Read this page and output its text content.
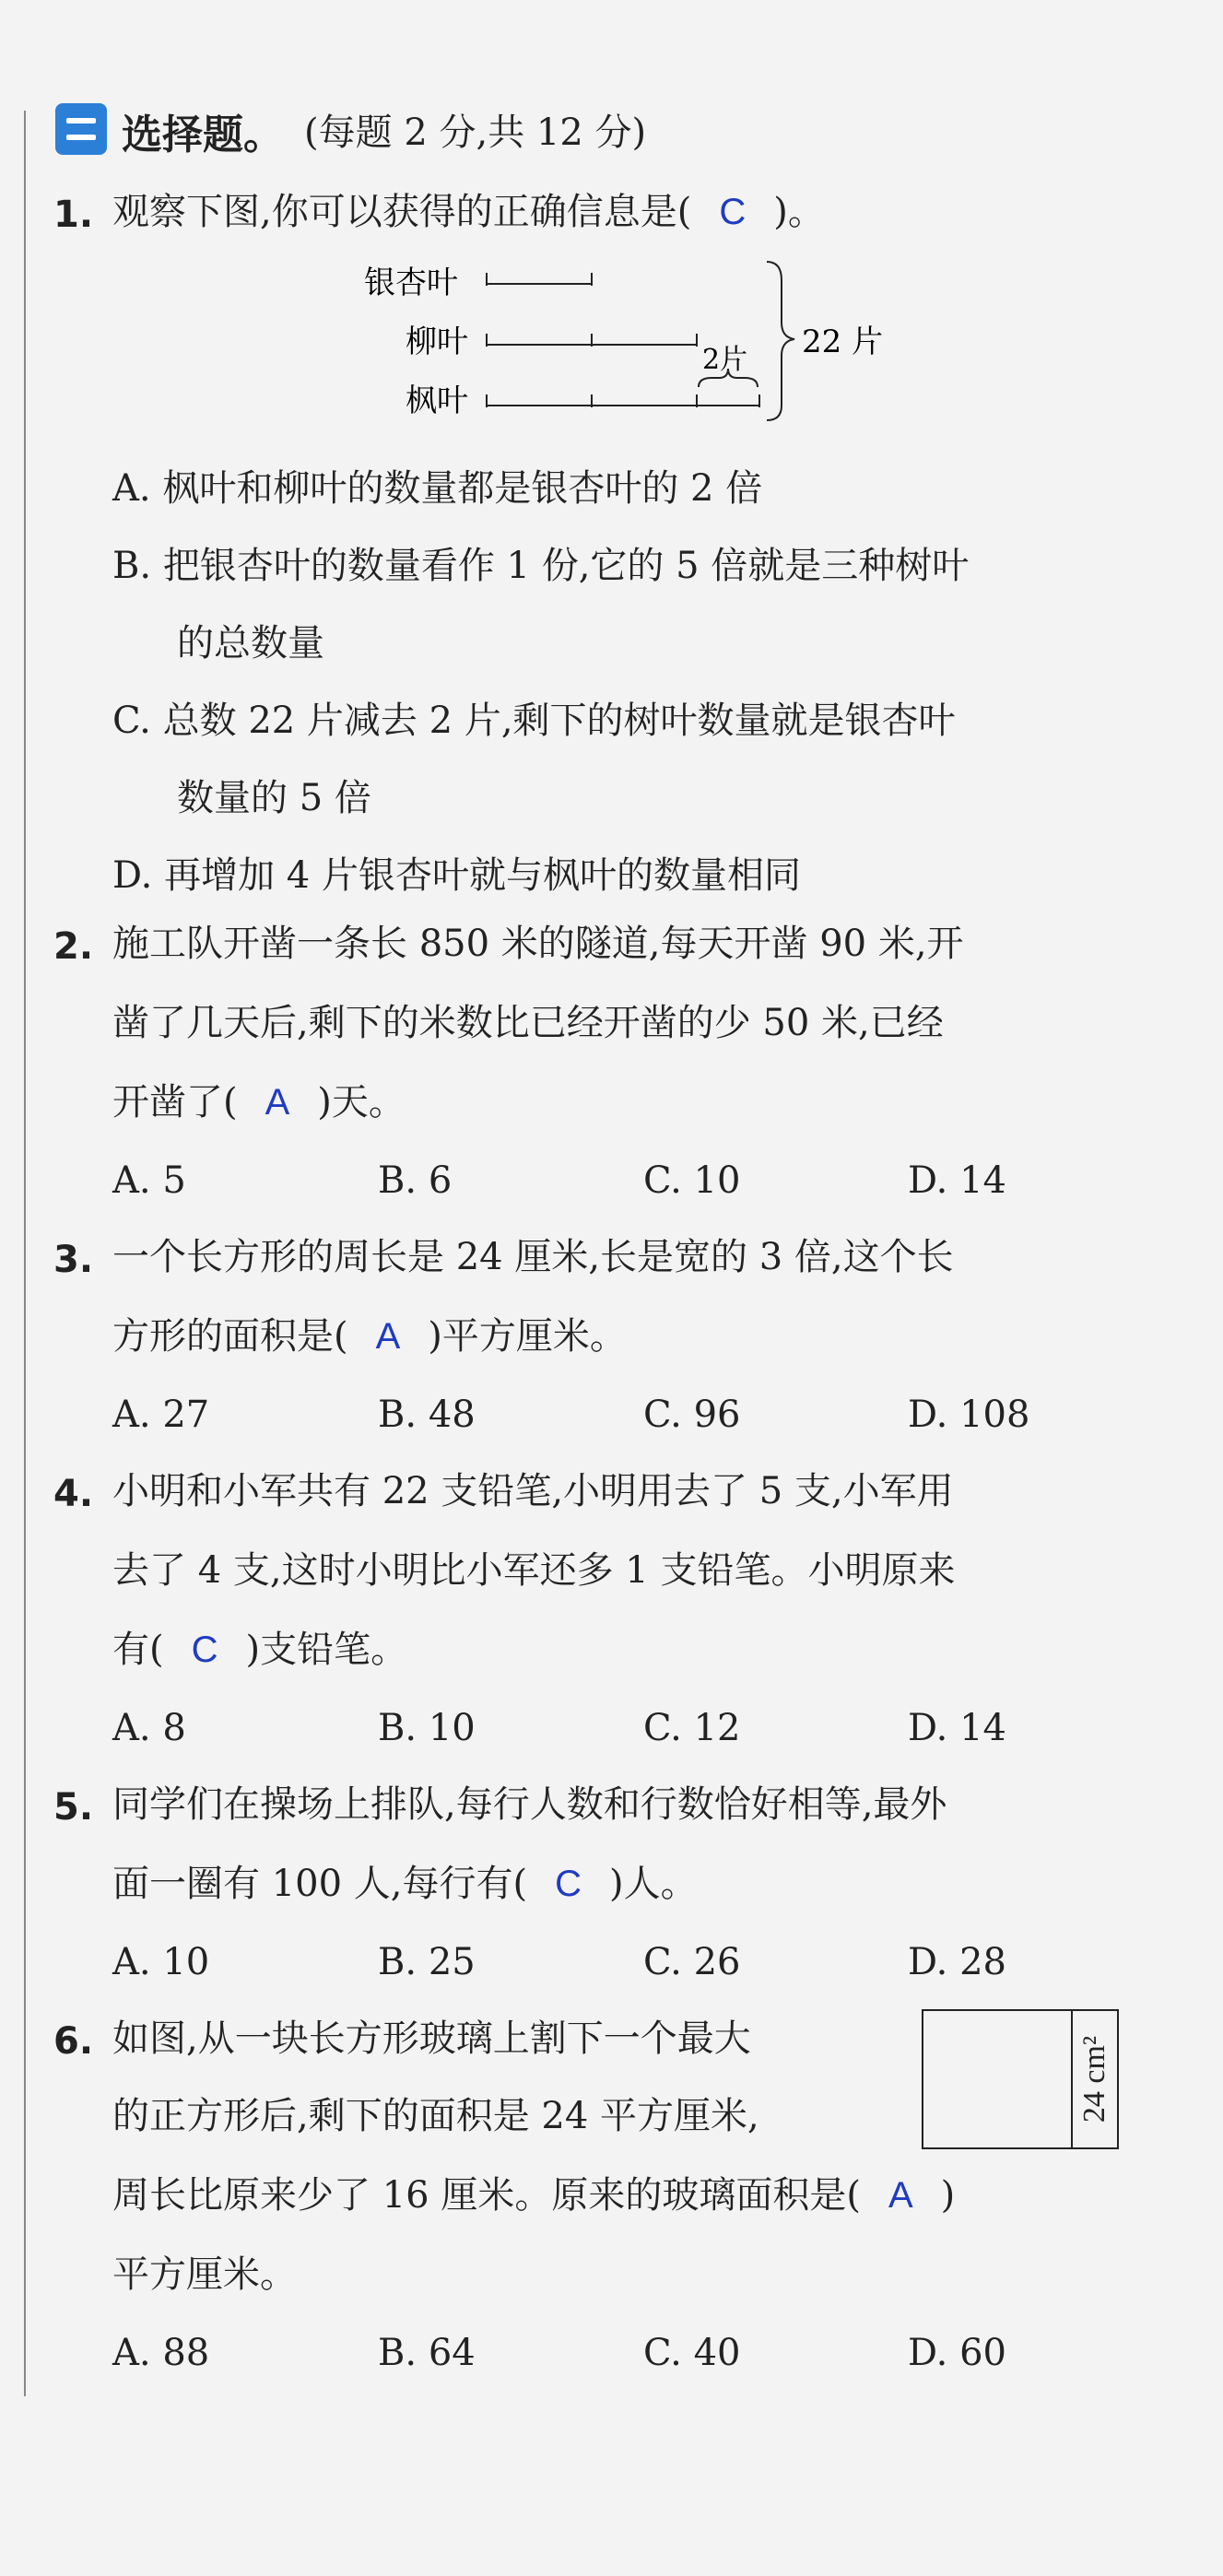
选择题。 (每题 2 分,共 12 分)
1. 观察下图,你可以获得的正确信息是( C )。
银杏叶
柳叶
枫叶
2片 22 片
A. 枫叶和柳叶的数量都是银杏叶的 2 倍
B. 把银杏叶的数量看作 1 份,它的 5 倍就是三种树叶
的总数量
C. 总数 22 片减去 2 片,剩下的树叶数量就是银杏叶
数量的 5 倍
D. 再增加 4 片银杏叶就与枫叶的数量相同
2. 施工队开凿一条长 850 米的隧道,每天开凿 90 米,开
凿了几天后,剩下的米数比已经开凿的少 50 米,已经
开凿了( A )天。
A. 5	B. 6	C. 10	D. 14
3. 一个长方形的周长是 24 厘米,长是宽的 3 倍,这个长
方形的面积是( A )平方厘米。
A. 27	B. 48	C. 96	D. 108
4. 小明和小军共有 22 支铅笔,小明用去了 5 支,小军用
去了 4 支,这时小明比小军还多 1 支铅笔。小明原来
有( C )支铅笔。
A. 8	B. 10	C. 12	D. 14
5. 同学们在操场上排队,每行人数和行数恰好相等,最外
面一圈有 100 人,每行有( C )人。
A. 10	B. 25	C. 26	D. 28
6. 如图,从一块长方形玻璃上割下一个最大
的正方形后,剩下的面积是 24 平方厘米,
周长比原来少了 16 厘米。原来的玻璃面积是( A )
平方厘米。
24 cm²
A. 88	B. 64	C. 40	D. 60
